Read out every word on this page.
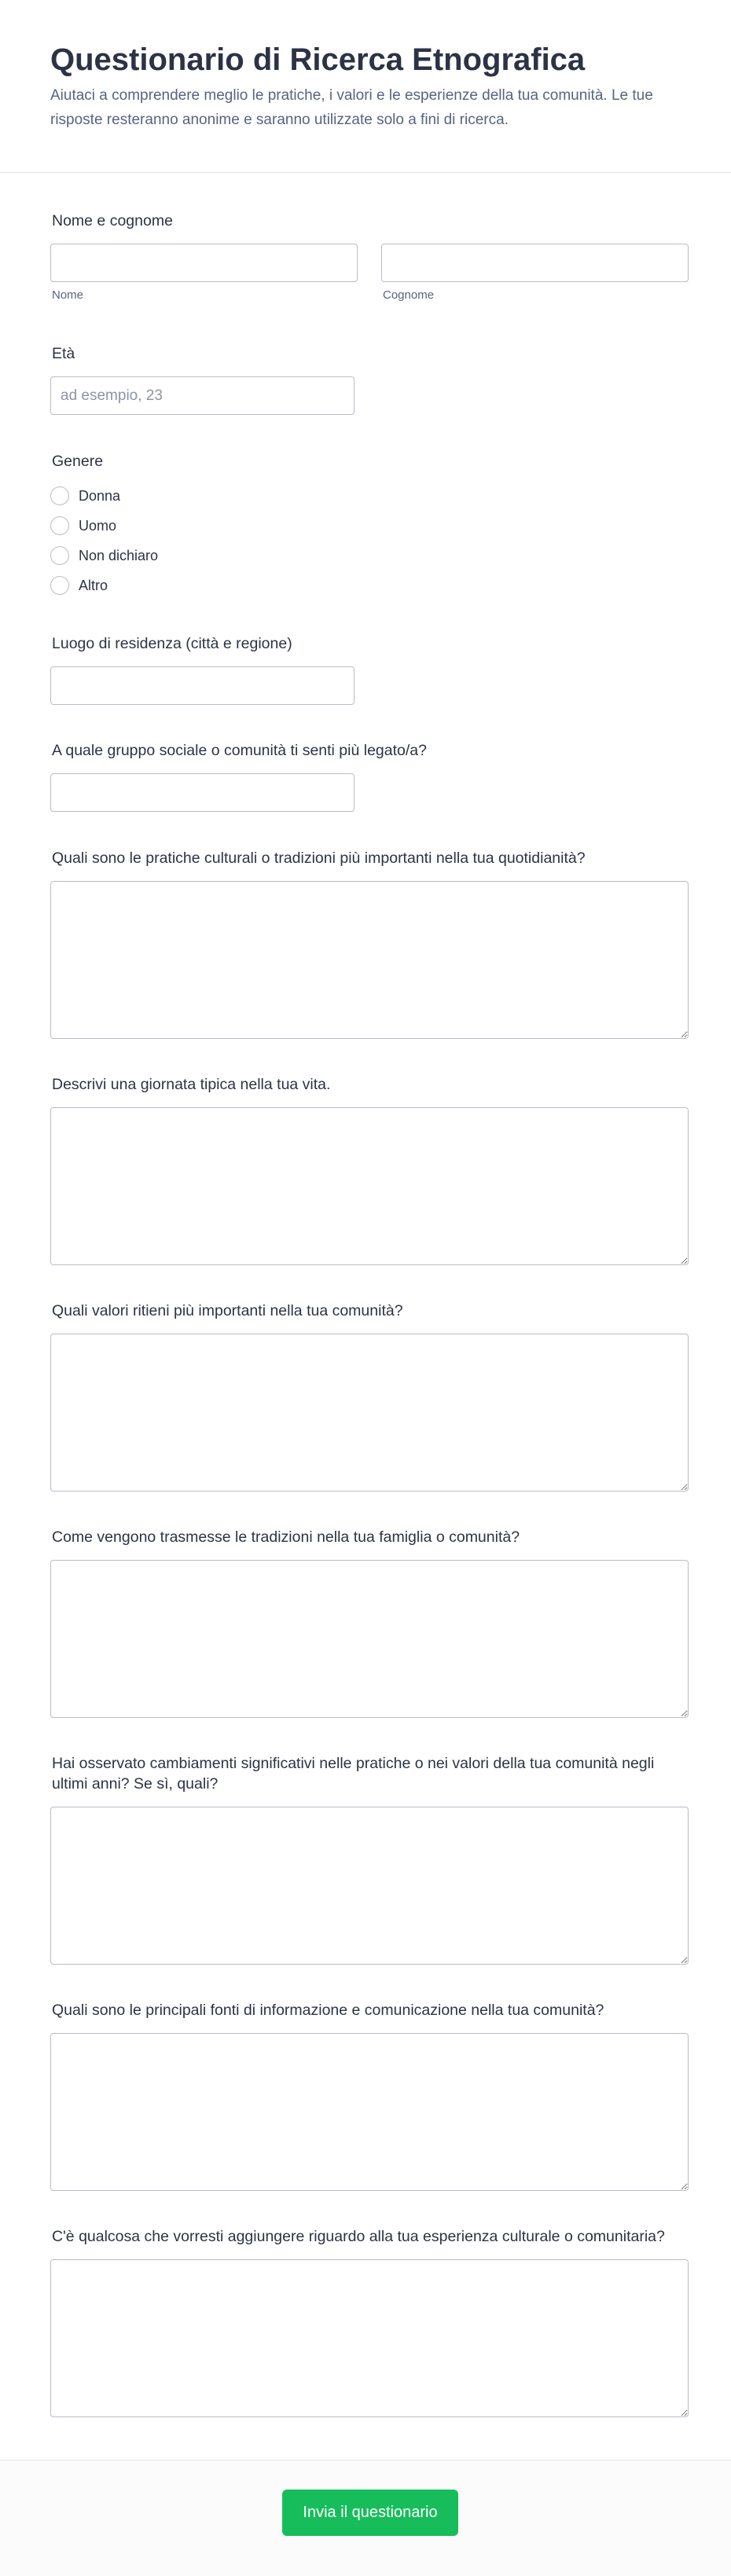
Questionario di Ricerca Etnografica
Aiutaci a comprendere meglio le pratiche, i valori e le esperienze della tua comunità. Le tue risposte resteranno anonime e saranno utilizzate solo a fini di ricerca.
Nome e cognome
Nome	Cognome
Età
ad esempio, 23
Genere
Donna
Uomo
Non dichiaro
Altro
Luogo di residenza (città e regione)
A quale gruppo sociale o comunità ti senti più legato/a?
Quali sono le pratiche culturali o tradizioni più importanti nella tua quotidianità?
Descrivi una giornata tipica nella tua vita.
Quali valori ritieni più importanti nella tua comunità?
Come vengono trasmesse le tradizioni nella tua famiglia o comunità?
Hai osservato cambiamenti significativi nelle pratiche o nei valori della tua comunità negli ultimi anni? Se sì, quali?
Quali sono le principali fonti di informazione e comunicazione nella tua comunità?
C'è qualcosa che vorresti aggiungere riguardo alla tua esperienza culturale o comunitaria?
Invia il questionario
